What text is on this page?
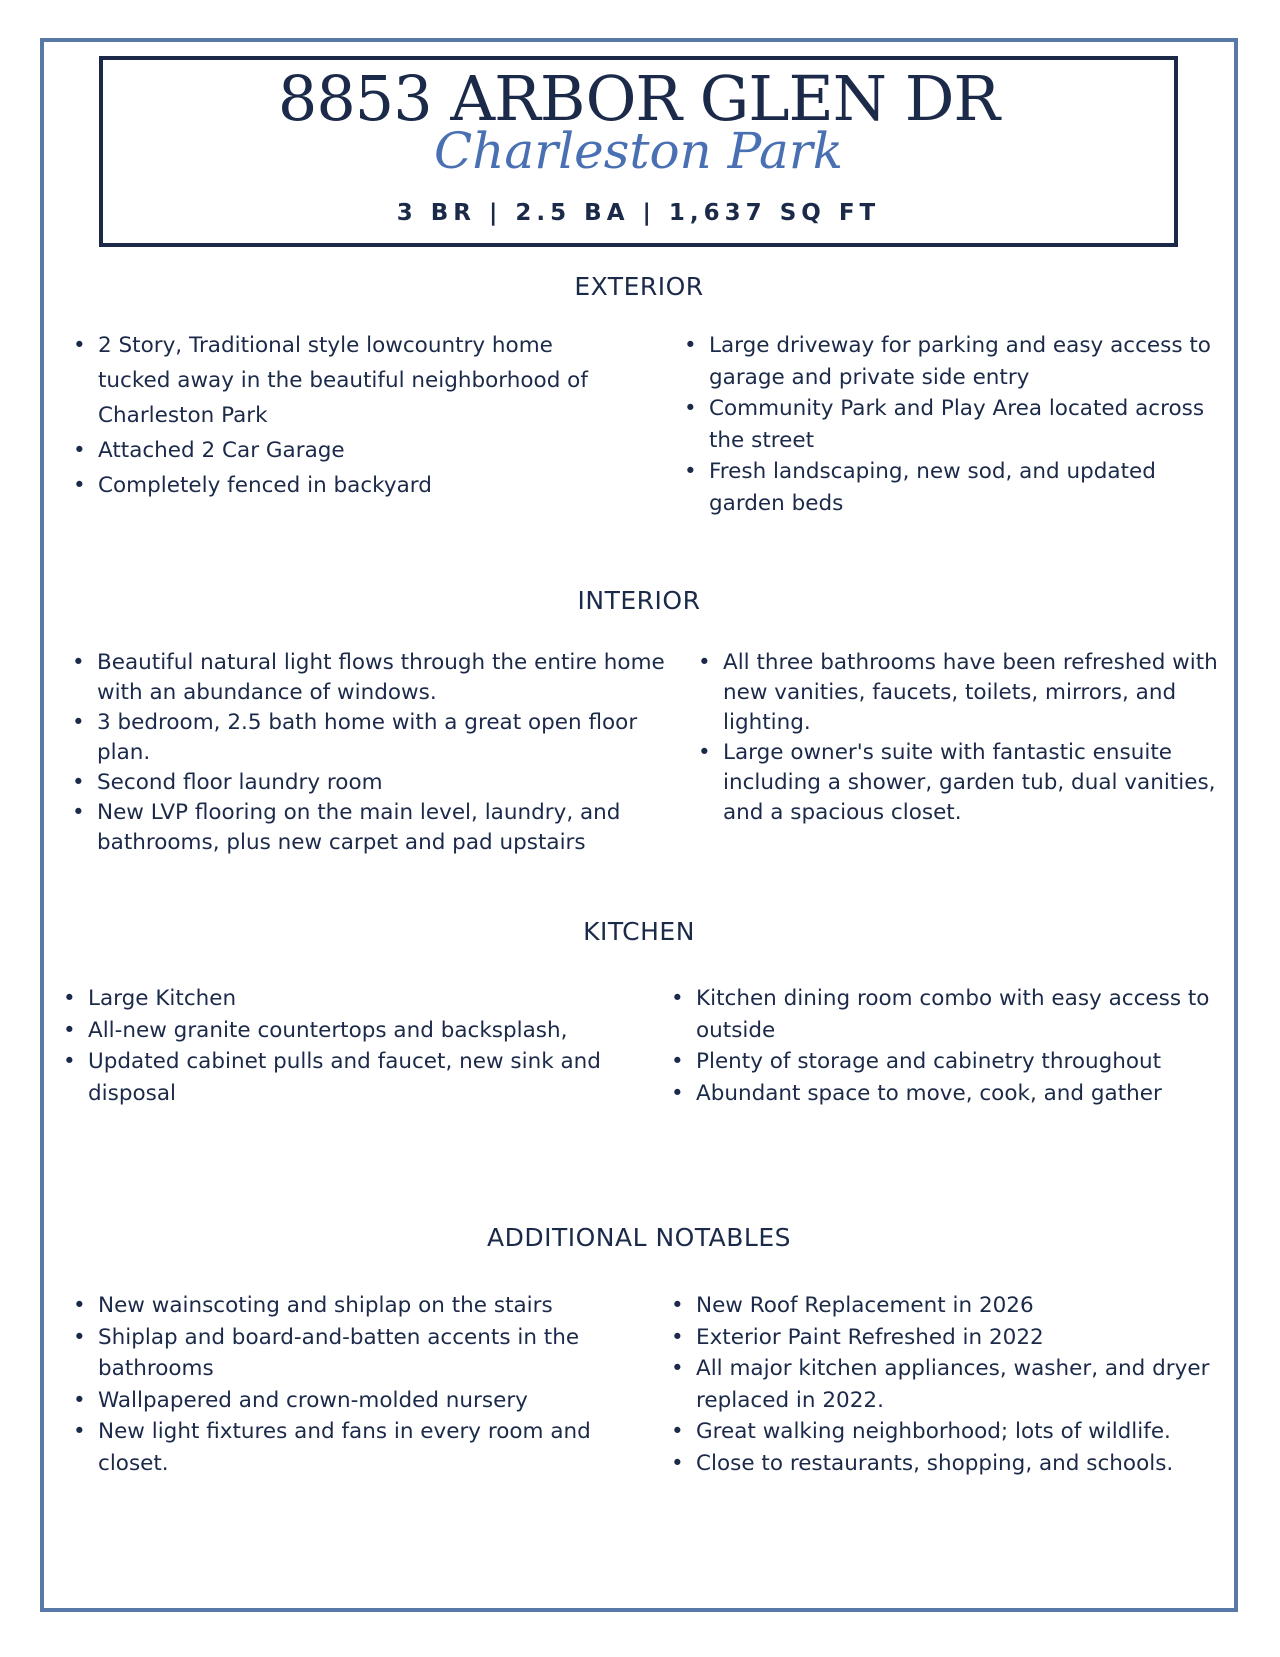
8853 ARBOR GLEN DR
Charleston Park
3 BR | 2.5 BA | 1,637 SQ FT
EXTERIOR
• 2 Story, Traditional style lowcountry home tucked away in the beautiful neighborhood of Charleston Park
• Attached 2 Car Garage
• Completely fenced in backyard
• Large driveway for parking and easy access to garage and private side entry
• Community Park and Play Area located across the street
• Fresh landscaping, new sod, and updated garden beds
INTERIOR
• Beautiful natural light flows through the entire home with an abundance of windows.
• 3 bedroom, 2.5 bath home with a great open floor plan.
• Second floor laundry room
• New LVP flooring on the main level, laundry, and bathrooms, plus new carpet and pad upstairs
• All three bathrooms have been refreshed with new vanities, faucets, toilets, mirrors, and lighting.
• Large owner's suite with fantastic ensuite including a shower, garden tub, dual vanities, and a spacious closet.
KITCHEN
• Large Kitchen
• All-new granite countertops and backsplash,
• Updated cabinet pulls and faucet, new sink and disposal
• Kitchen dining room combo with easy access to outside
• Plenty of storage and cabinetry throughout
• Abundant space to move, cook, and gather
ADDITIONAL NOTABLES
• New wainscoting and shiplap on the stairs
• Shiplap and board-and-batten accents in the bathrooms
• Wallpapered and crown-molded nursery
• New light fixtures and fans in every room and closet.
• New Roof Replacement in 2026
• Exterior Paint Refreshed in 2022
• All major kitchen appliances, washer, and dryer replaced in 2022.
• Great walking neighborhood; lots of wildlife.
• Close to restaurants, shopping, and schools.
